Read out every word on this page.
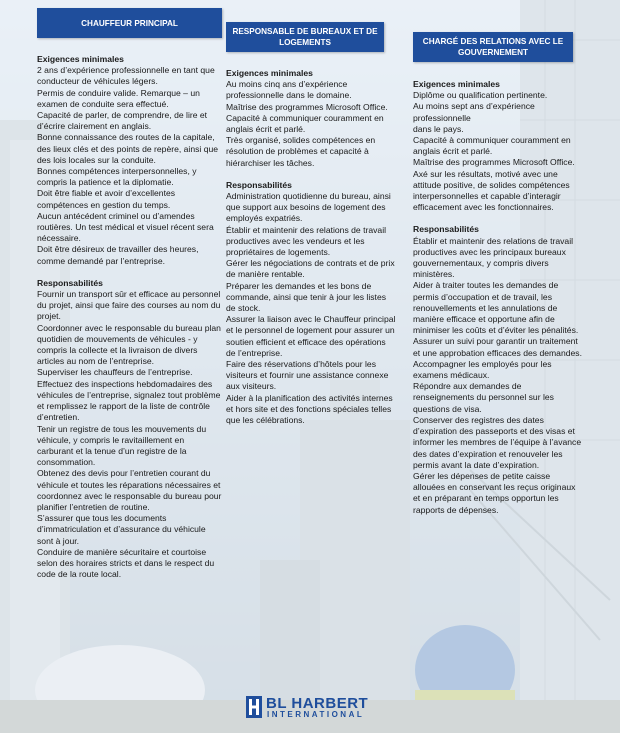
CHAUFFEUR PRINCIPAL

Exigences minimales

2 ans d’expérience professionnelle en tant que conducteur de véhicules légers.

Permis de conduire valide. Remarque – un examen de conduite sera effectué.

Capacité de parler, de comprendre, de lire et d’écrire clairement en anglais.

Bonne connaissance des routes de la capitale, des lieux clés et des points de repère, ainsi que des lois locales sur la conduite.

Bonnes compétences interpersonnelles, y compris la patience et la diplomatie.

Doit être fiable et avoir d’excellentes compétences en gestion du temps.

Aucun antécédent criminel ou d’amendes routières. Un test médical et visuel récent sera nécessaire.

Doit être désireux de travailler des heures, comme demandé par l’entreprise.

Responsabilités

Fournir un transport sûr et efficace au personnel du projet, ainsi que faire des courses au nom du projet.

Coordonner avec le responsable du bureau plan quotidien de mouvements de véhicules - y compris la collecte et la livraison de divers articles au nom de l’entreprise.

Superviser les chauffeurs de l’entreprise.

Effectuez des inspections hebdomadaires des véhicules de l’entreprise, signalez tout problème et remplissez le rapport de la liste de contrôle d’entretien.

Tenir un registre de tous les mouvements du véhicule, y compris le ravitaillement en carburant et la tenue d’un registre de la consommation.

Obtenez des devis pour l’entretien courant du véhicule et toutes les réparations nécessaires et coordonnez avec le responsable du bureau pour planifier l’entretien de routine.

S’assurer que tous les documents d’immatriculation et d’assurance du véhicule sont à jour.

Conduire de manière sécuritaire et courtoise selon des horaires stricts et dans le respect du code de la route local.

RESPONSABLE DE BUREAUX ET DE LOGEMENTS

Exigences minimales

Au moins cinq ans d’expérience professionnelle dans le domaine.

Maîtrise des programmes Microsoft Office.

Capacité à communiquer couramment en anglais écrit et parlé.

Très organisé, solides compétences en résolution de problèmes et capacité à hiérarchiser les tâches.

Responsabilités

Administration quotidienne du bureau, ainsi que support aux besoins de logement des employés expatriés.

Établir et maintenir des relations de travail productives avec les vendeurs et les propriétaires de logements.

Gérer les négociations de contrats et de prix de manière rentable.

Préparer les demandes et les bons de commande, ainsi que tenir à jour les listes de stock.

Assurer la liaison avec le Chauffeur principal et le personnel de logement pour assurer un soutien efficient et efficace des opérations de l’entreprise.

Faire des réservations d’hôtels pour les visiteurs et fournir une assistance connexe aux visiteurs.

Aider à la planification des activités internes et hors site et des fonctions spéciales telles que les célébrations.

CHARGÉ DES RELATIONS AVEC LE GOUVERNEMENT

Exigences minimales

Diplôme ou qualification pertinente.

Au moins sept ans d’expérience professionnelle

dans le pays.

Capacité à communiquer couramment en anglais écrit et parlé.

Maîtrise des programmes Microsoft Office.

Axé sur les résultats, motivé avec une attitude positive, de solides compétences interpersonnelles et capable d’interagir efficacement avec les fonctionnaires.

Responsabilités

Établir et maintenir des relations de travail productives avec les principaux bureaux gouvernementaux, y compris divers ministères.

Aider à traiter toutes les demandes de permis d’occupation et de travail, les renouvellements et les annulations de manière efficace et opportune afin de minimiser les coûts et d’éviter les pénalités.

Assurer un suivi pour garantir un traitement et une approbation efficaces des demandes.

Accompagner les employés pour les examens médicaux.

Répondre aux demandes de renseignements du personnel sur les questions de visa.

Conserver des registres des dates d’expiration des passeports et des visas et informer les membres de l’équipe à l’avance des dates d’expiration et renouveler les permis avant la date d’expiration.

Gérer les dépenses de petite caisse allouées en conservant les reçus originaux et en préparant en temps opportun les rapports de dépenses.

BL HARBERT
INTERNATIONAL
